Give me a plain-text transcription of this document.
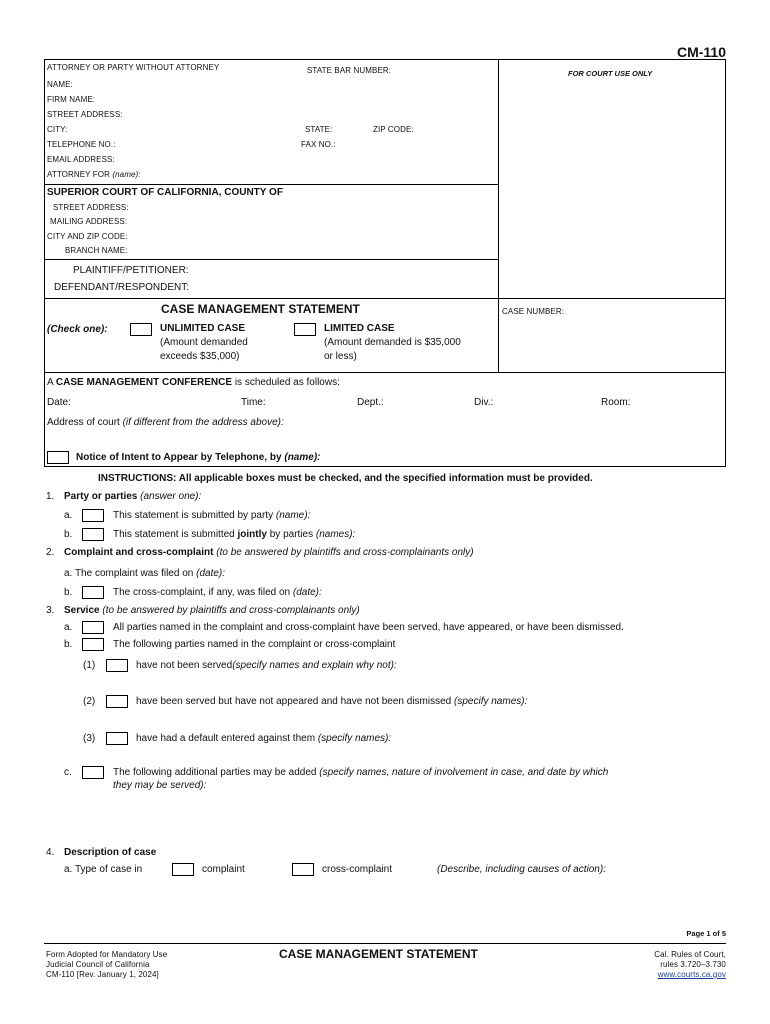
CM-110
FOR COURT USE ONLY
ATTORNEY OR PARTY WITHOUT ATTORNEY	STATE BAR NUMBER:
NAME:
FIRM NAME:
STREET ADDRESS:
CITY:	STATE:	ZIP CODE:
TELEPHONE NO.:	FAX NO.:
EMAIL ADDRESS:
ATTORNEY FOR (name):
SUPERIOR COURT OF CALIFORNIA, COUNTY OF
STREET ADDRESS:
MAILING ADDRESS:
CITY AND ZIP CODE:
BRANCH NAME:
PLAINTIFF/PETITIONER:
DEFENDANT/RESPONDENT:
CASE MANAGEMENT STATEMENT	CASE NUMBER:
(Check one):	UNLIMITED CASE
(Amount demanded
exceeds $35,000)
LIMITED CASE
(Amount demanded is $35,000
or less)
A CASE MANAGEMENT CONFERENCE is scheduled as follows:
Date:	Time:	Dept.:	Div.:	Room:
Address of court (if different from the address above):
Notice of Intent to Appear by Telephone, by (name):
INSTRUCTIONS: All applicable boxes must be checked, and the specified information must be provided.
1. Party or parties (answer one):
a.	This statement is submitted by party (name):
b.	This statement is submitted jointly by parties (names):
2. Complaint and cross-complaint (to be answered by plaintiffs and cross-complainants only)
a. The complaint was filed on (date):
b.	The cross-complaint, if any, was filed on (date):
3. Service (to be answered by plaintiffs and cross-complainants only)
a.	All parties named in the complaint and cross-complaint have been served, have appeared, or have been dismissed.
b.	The following parties named in the complaint or cross-complaint
(1)	have not been served(specify names and explain why not):
(2)	have been served but have not appeared and have not been dismissed (specify names):
(3)	have had a default entered against them (specify names):
c.	The following additional parties may be added (specify names, nature of involvement in case, and date by which
they may be served):
4. Description of case
a. Type of case in	complaint	cross-complaint	(Describe, including causes of action):
Page 1 of 5
Form Adopted for Mandatory Use
Judicial Council of California
CM-110 [Rev. January 1, 2024]
CASE MANAGEMENT STATEMENT	Cal. Rules of Court,
rules 3.720–3.730
www.courts.ca.gov
